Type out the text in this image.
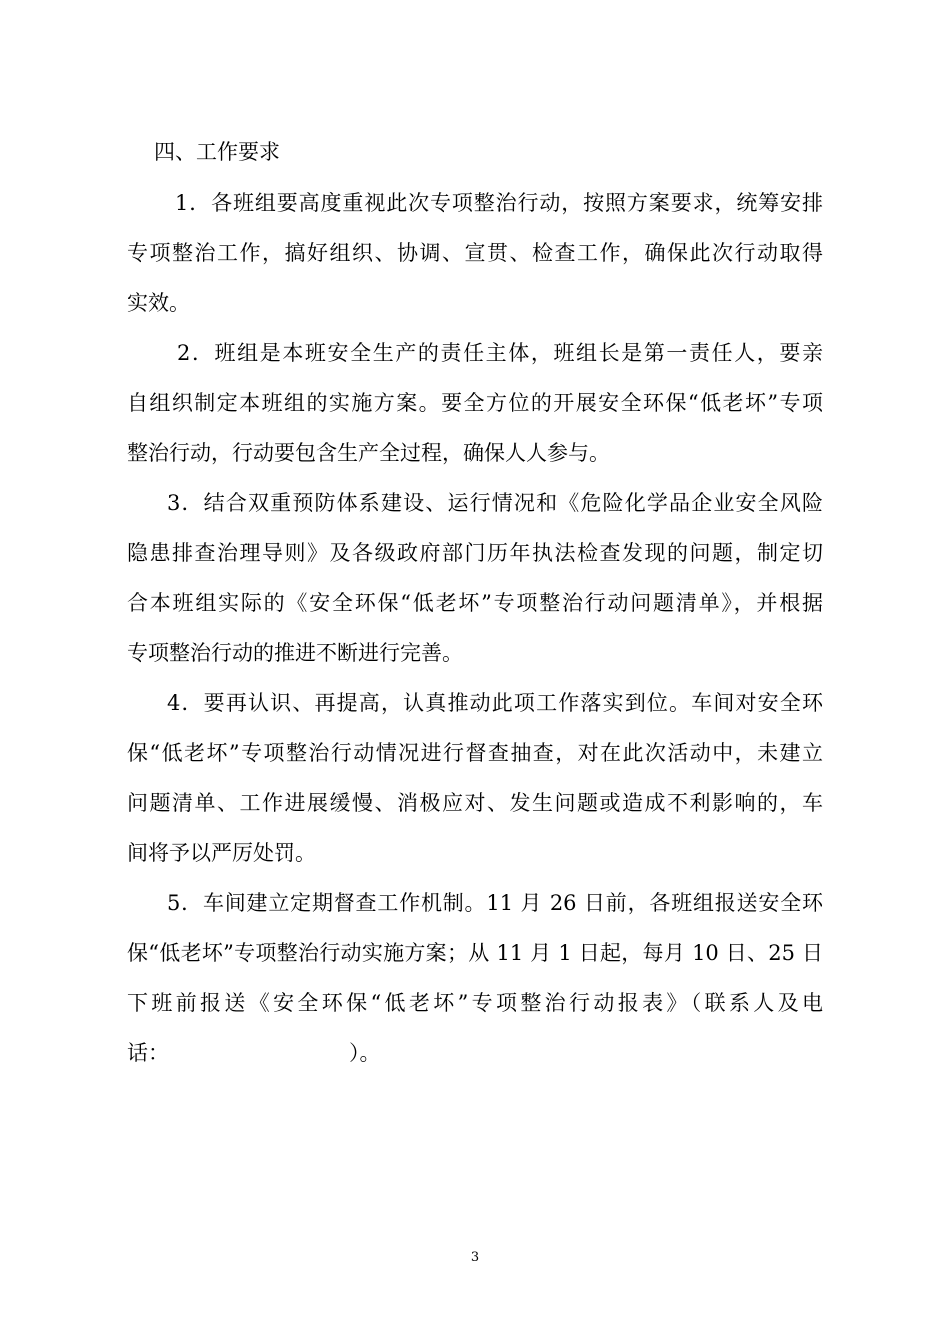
四、工作要求
1．各班组要高度重视此次专项整治行动，按照方案要求，统筹安排
专项整治工作，搞好组织、协调、宣贯、检查工作，确保此次行动取得
实效。
2．班组是本班安全生产的责任主体，班组长是第一责任人，要亲
自组织制定本班组的实施方案。要全方位的开展安全环保“低老坏”专项
整治行动，行动要包含生产全过程，确保人人参与。
3．结合双重预防体系建设、运行情况和《危险化学品企业安全风险
隐患排查治理导则》及各级政府部门历年执法检查发现的问题，制定切
合本班组实际的《安全环保“低老坏”专项整治行动问题清单》，并根据
专项整治行动的推进不断进行完善。
4．要再认识、再提高，认真推动此项工作落实到位。车间对安全环
保“低老坏”专项整治行动情况进行督查抽查，对在此次活动中，未建立
问题清单、工作进展缓慢、消极应对、发生问题或造成不利影响的，车
间将予以严厉处罚。
5．车间建立定期督查工作机制。11 月 26 日前，各班组报送安全环
保“低老坏”专项整治行动实施方案；从 11 月 1 日起，每月 10 日、25 日
下班前报送《安全环保“低老坏”专项整治行动报表》（联系人及电
话：	）。
3
